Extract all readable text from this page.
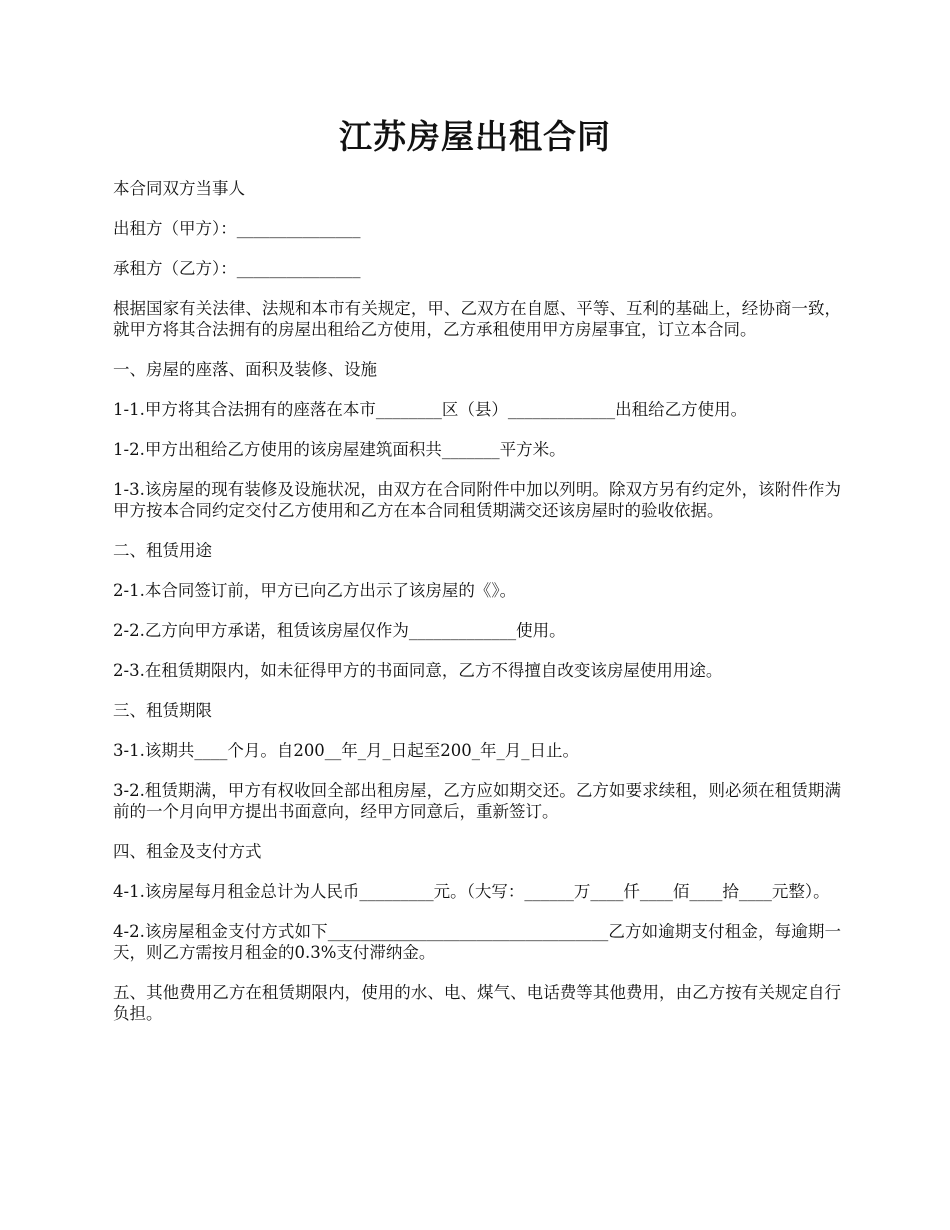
江苏房屋出租合同

本合同双方当事人

出租方（甲方）：_______________

承租方（乙方）：_______________

根据国家有关法律、法规和本市有关规定，甲、乙双方在自愿、平等、互利的基础上，经协商一致，就甲方将其合法拥有的房屋出租给乙方使用，乙方承租使用甲方房屋事宜，订立本合同。

一、房屋的座落、面积及装修、设施

1-1.甲方将其合法拥有的座落在本市________区（县）_____________出租给乙方使用。

1-2.甲方出租给乙方使用的该房屋建筑面积共_______平方米。

1-3.该房屋的现有装修及设施状况，由双方在合同附件中加以列明。除双方另有约定外，该附件作为甲方按本合同约定交付乙方使用和乙方在本合同租赁期满交还该房屋时的验收依据。

二、租赁用途

2-1.本合同签订前，甲方已向乙方出示了该房屋的《》。

2-2.乙方向甲方承诺，租赁该房屋仅作为_____________使用。

2-3.在租赁期限内，如未征得甲方的书面同意，乙方不得擅自改变该房屋使用用途。

三、租赁期限

3-1.该期共____个月。自200__年_月_日起至200_年_月_日止。

3-2.租赁期满，甲方有权收回全部出租房屋，乙方应如期交还。乙方如要求续租，则必须在租赁期满前的一个月向甲方提出书面意向，经甲方同意后，重新签订。

四、租金及支付方式

4-1.该房屋每月租金总计为人民币_________元。（大写：______万____仟____佰____拾____元整）。

4-2.该房屋租金支付方式如下__________________________________乙方如逾期支付租金，每逾期一天，则乙方需按月租金的0.3%支付滞纳金。

五、其他费用乙方在租赁期限内，使用的水、电、煤气、电话费等其他费用，由乙方按有关规定自行负担。
